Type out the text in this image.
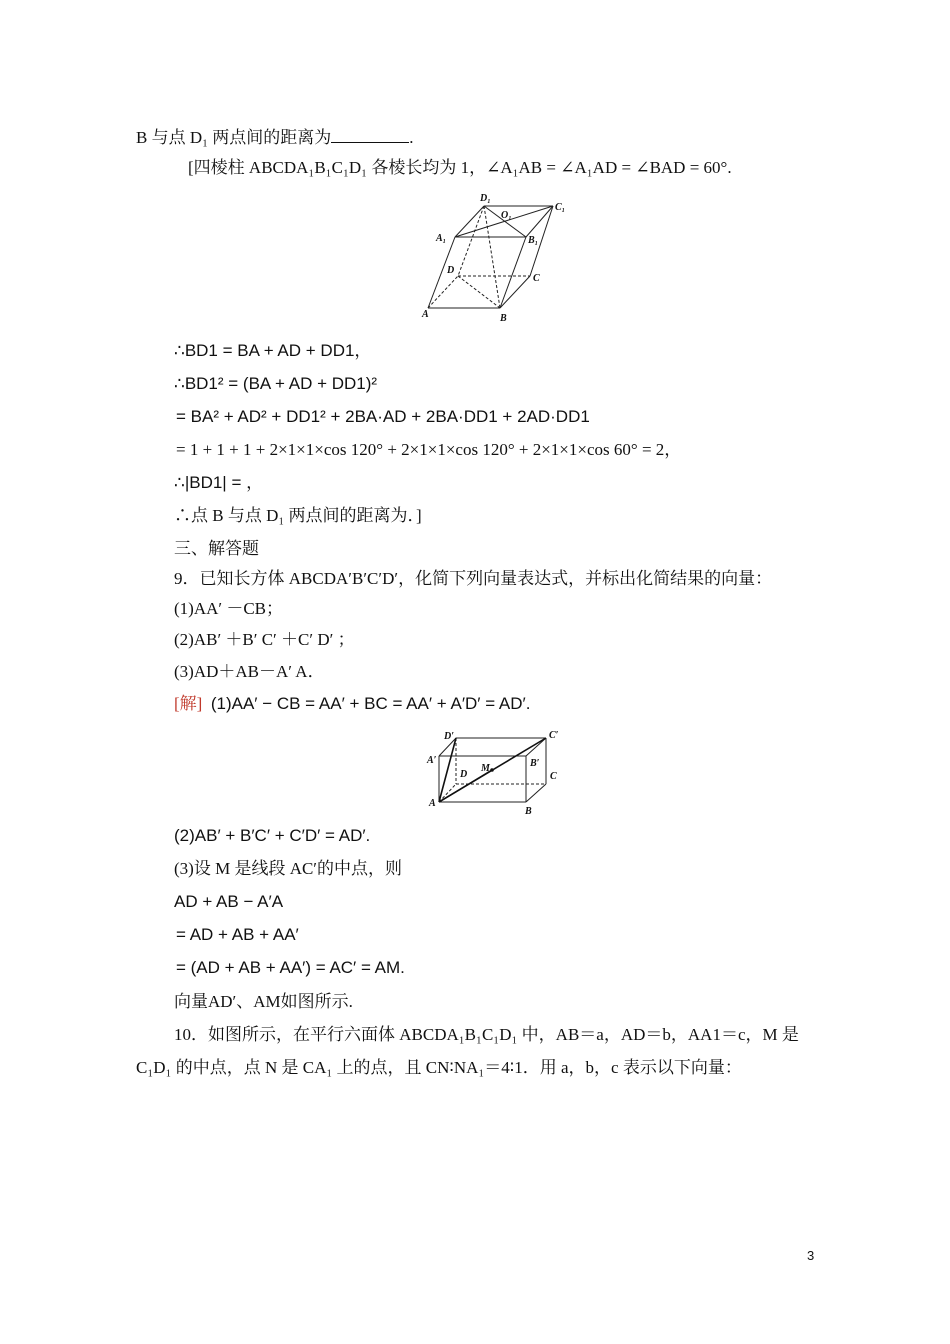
B 与点 D₁ 两点间的距离为	.
[四棱柱 ABCDA₁B₁C₁D₁ 各棱长均为 1，∠A₁AB = ∠A₁AD = ∠BAD = 60°.
D₁
O₁
C₁
A₁	B₁
D
C
A	B
∴BD1 = BA + AD + DD1，
∴BD1² = (BA + AD + DD1)²
= BA² + AD² + DD1² + 2BA·AD + 2BA·DD1 + 2AD·DD1
= 1 + 1 + 1 + 2×1×1×cos 120° + 2×1×1×cos 120° + 2×1×1×cos 60° = 2，
∴|BD1| = ，
∴点 B 与点 D₁ 两点间的距离为．]
三、解答题
9．已知长方体 ABCDA′B′C′D′，化简下列向量表达式，并标出化简结果的向量：
(1)AA′ －CB；
(2)AB′ ＋B′ C′ ＋C′ D′ ；
(3)AD＋AB－A′ A．
[解] (1)AA′ − CB = AA′ + BC = AA′ + A′D′ = AD′.
D′	C′
A′
D
M	B′
C
A
B
(2)AB′ + B′C′ + C′D′ = AD′.
(3)设 M 是线段 AC′的中点，则
AD + AB − A′A
= AD + AB + AA′
= (AD + AB + AA′) = AC′ = AM.
向量AD′、AM如图所示.
10．如图所示，在平行六面体 ABCDA₁B₁C₁D₁ 中，AB＝a，AD＝b，AA1＝c，M 是
C₁D₁ 的中点，点 N 是 CA₁ 上的点，且 CN∶NA₁＝4∶1．用 a，b，c 表示以下向量：
3
